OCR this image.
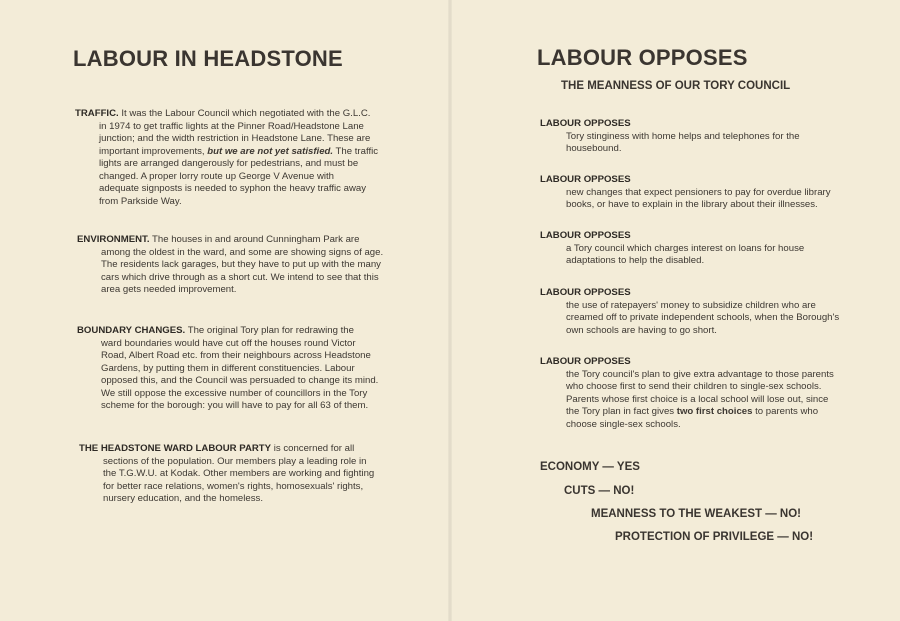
LABOUR IN HEADSTONE
TRAFFIC. It was the Labour Council which negotiated with the G.L.C.
in 1974 to get traffic lights at the Pinner Road/Headstone Lane
junction; and the width restriction in Headstone Lane. These are
important improvements, but we are not yet satisfied. The traffic
lights are arranged dangerously for pedestrians, and must be
changed. A proper lorry route up George V Avenue with
adequate signposts is needed to syphon the heavy traffic away
from Parkside Way.
ENVIRONMENT. The houses in and around Cunningham Park are
among the oldest in the ward, and some are showing signs of age.
The residents lack garages, but they have to put up with the many
cars which drive through as a short cut. We intend to see that this
area gets needed improvement.
BOUNDARY CHANGES. The original Tory plan for redrawing the
ward boundaries would have cut off the houses round Victor
Road, Albert Road etc. from their neighbours across Headstone
Gardens, by putting them in different constituencies. Labour
opposed this, and the Council was persuaded to change its mind.
We still oppose the excessive number of councillors in the Tory
scheme for the borough: you will have to pay for all 63 of them.
THE HEADSTONE WARD LABOUR PARTY is concerned for all
sections of the population. Our members play a leading role in
the T.G.W.U. at Kodak. Other members are working and fighting
for better race relations, women's rights, homosexuals' rights,
nursery education, and the homeless.
LABOUR OPPOSES
THE MEANNESS OF OUR TORY COUNCIL
LABOUR OPPOSES
Tory stinginess with home helps and telephones for the
housebound.
LABOUR OPPOSES
new changes that expect pensioners to pay for overdue library
books, or have to explain in the library about their illnesses.
LABOUR OPPOSES
a Tory council which charges interest on loans for house
adaptations to help the disabled.
LABOUR OPPOSES
the use of ratepayers' money to subsidize children who are
creamed off to private independent schools, when the Borough's
own schools are having to go short.
LABOUR OPPOSES
the Tory council's plan to give extra advantage to those parents
who choose first to send their children to single-sex schools.
Parents whose first choice is a local school will lose out, since
the Tory plan in fact gives two first choices to parents who
choose single-sex schools.
ECONOMY — YES
CUTS — NO!
MEANNESS TO THE WEAKEST — NO!
PROTECTION OF PRIVILEGE — NO!
